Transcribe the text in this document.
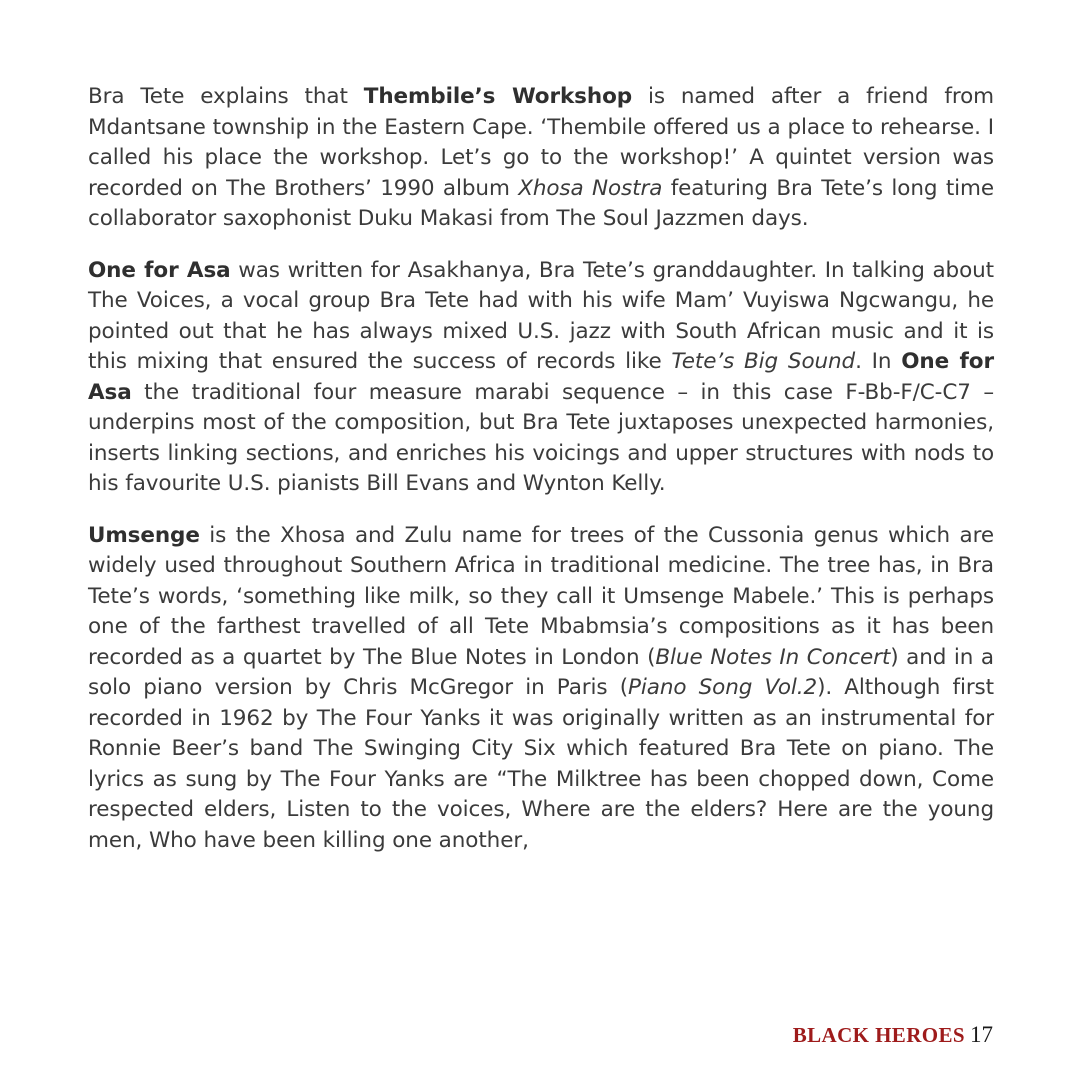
Bra Tete explains that Thembile’s Workshop is named after a friend from Mdantsane township in the Eastern Cape. ‘Thembile offered us a place to rehearse. I called his place the workshop. Let’s go to the workshop!’ A quintet version was recorded on The Brothers’ 1990 album Xhosa Nostra featuring Bra Tete’s long time collaborator saxophonist Duku Makasi from The Soul Jazzmen days.

One for Asa was written for Asakhanya, Bra Tete’s granddaughter. In talking about The Voices, a vocal group Bra Tete had with his wife Mam’ Vuyiswa Ngcwangu, he pointed out that he has always mixed U.S. jazz with South African music and it is this mixing that ensured the success of records like Tete’s Big Sound. In One for Asa the traditional four measure marabi sequence – in this case F-Bb-F/C-C7 – underpins most of the composition, but Bra Tete juxtaposes unexpected harmonies, inserts linking sections, and enriches his voicings and upper structures with nods to his favourite U.S. pianists Bill Evans and Wynton Kelly.

Umsenge is the Xhosa and Zulu name for trees of the Cussonia genus which are widely used throughout Southern Africa in traditional medicine. The tree has, in Bra Tete’s words, ‘something like milk, so they call it Umsenge Mabele.’ This is perhaps one of the farthest travelled of all Tete Mbabmsia’s compositions as it has been recorded as a quartet by The Blue Notes in London (Blue Notes In Concert) and in a solo piano version by Chris McGregor in Paris (Piano Song Vol.2). Although first recorded in 1962 by The Four Yanks it was originally written as an instrumental for Ronnie Beer’s band The Swinging City Six which featured Bra Tete on piano. The lyrics as sung by The Four Yanks are “The Milktree has been chopped down, Come respected elders, Listen to the voices, Where are the elders? Here are the young men, Who have been killing one another,

BLACK HEROES 17
